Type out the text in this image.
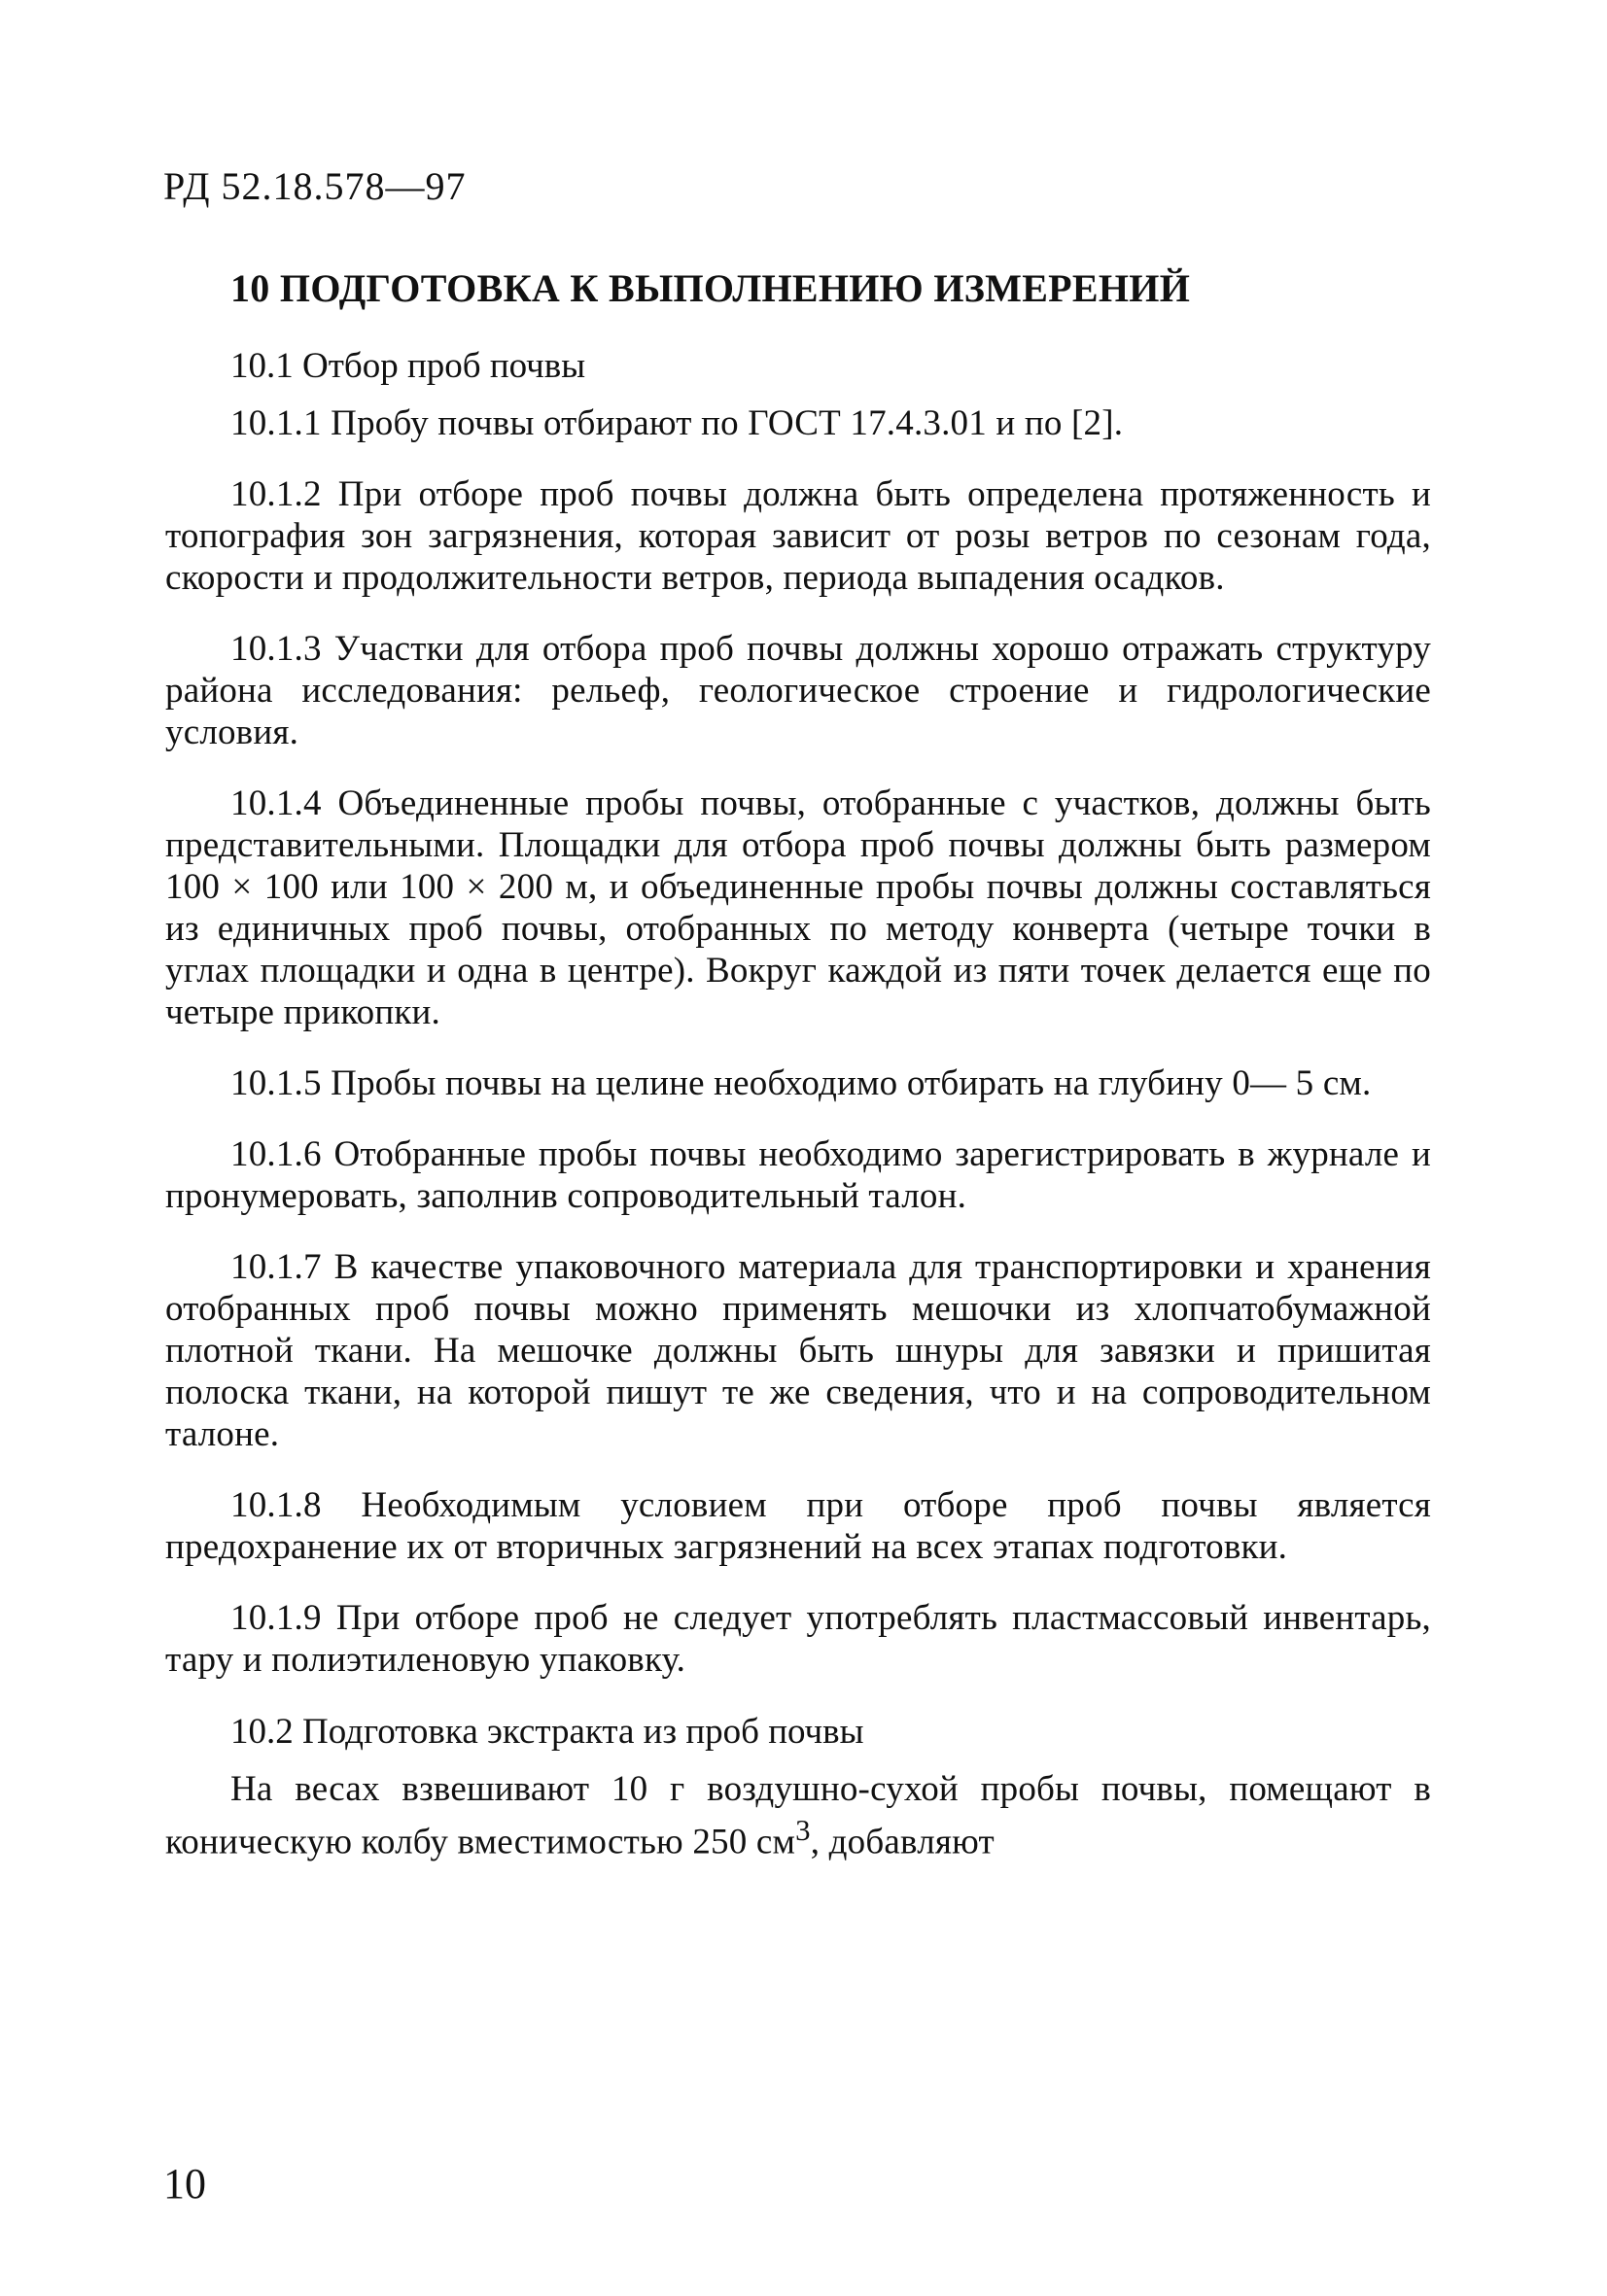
РД 52.18.578—97

10 ПОДГОТОВКА К ВЫПОЛНЕНИЮ ИЗМЕРЕНИЙ

10.1 Отбор проб почвы

10.1.1 Пробу почвы отбирают по ГОСТ 17.4.3.01 и по [2].

10.1.2 При отборе проб почвы должна быть определена протяженность и топография зон загрязнения, которая зависит от розы ветров по сезонам года, скорости и продолжительности ветров, периода выпадения осадков.

10.1.3 Участки для отбора проб почвы должны хорошо отражать структуру района исследования: рельеф, геологическое строение и гидрологические условия.

10.1.4 Объединенные пробы почвы, отобранные с участков, должны быть представительными. Площадки для отбора проб почвы должны быть размером 100 × 100 или 100 × 200 м, и объединенные пробы почвы должны составляться из единичных проб почвы, отобранных по методу конверта (четыре точки в углах площадки и одна в центре). Вокруг каждой из пяти точек делается еще по четыре прикопки.

10.1.5 Пробы почвы на целине необходимо отбирать на глубину 0— 5 см.

10.1.6 Отобранные пробы почвы необходимо зарегистрировать в журнале и пронумеровать, заполнив сопроводительный талон.

10.1.7 В качестве упаковочного материала для транспортировки и хранения отобранных проб почвы можно применять мешочки из хлопчатобумажной плотной ткани. На мешочке должны быть шнуры для завязки и пришитая полоска ткани, на которой пишут те же сведения, что и на сопроводительном талоне.

10.1.8 Необходимым условием при отборе проб почвы является предохранение их от вторичных загрязнений на всех этапах подготовки.

10.1.9 При отборе проб не следует употреблять пластмассовый инвентарь, тару и полиэтиленовую упаковку.

10.2 Подготовка экстракта из проб почвы

На весах взвешивают 10 г воздушно-сухой пробы почвы, помещают в коническую колбу вместимостью 250 $см^3$, добавляют

10
